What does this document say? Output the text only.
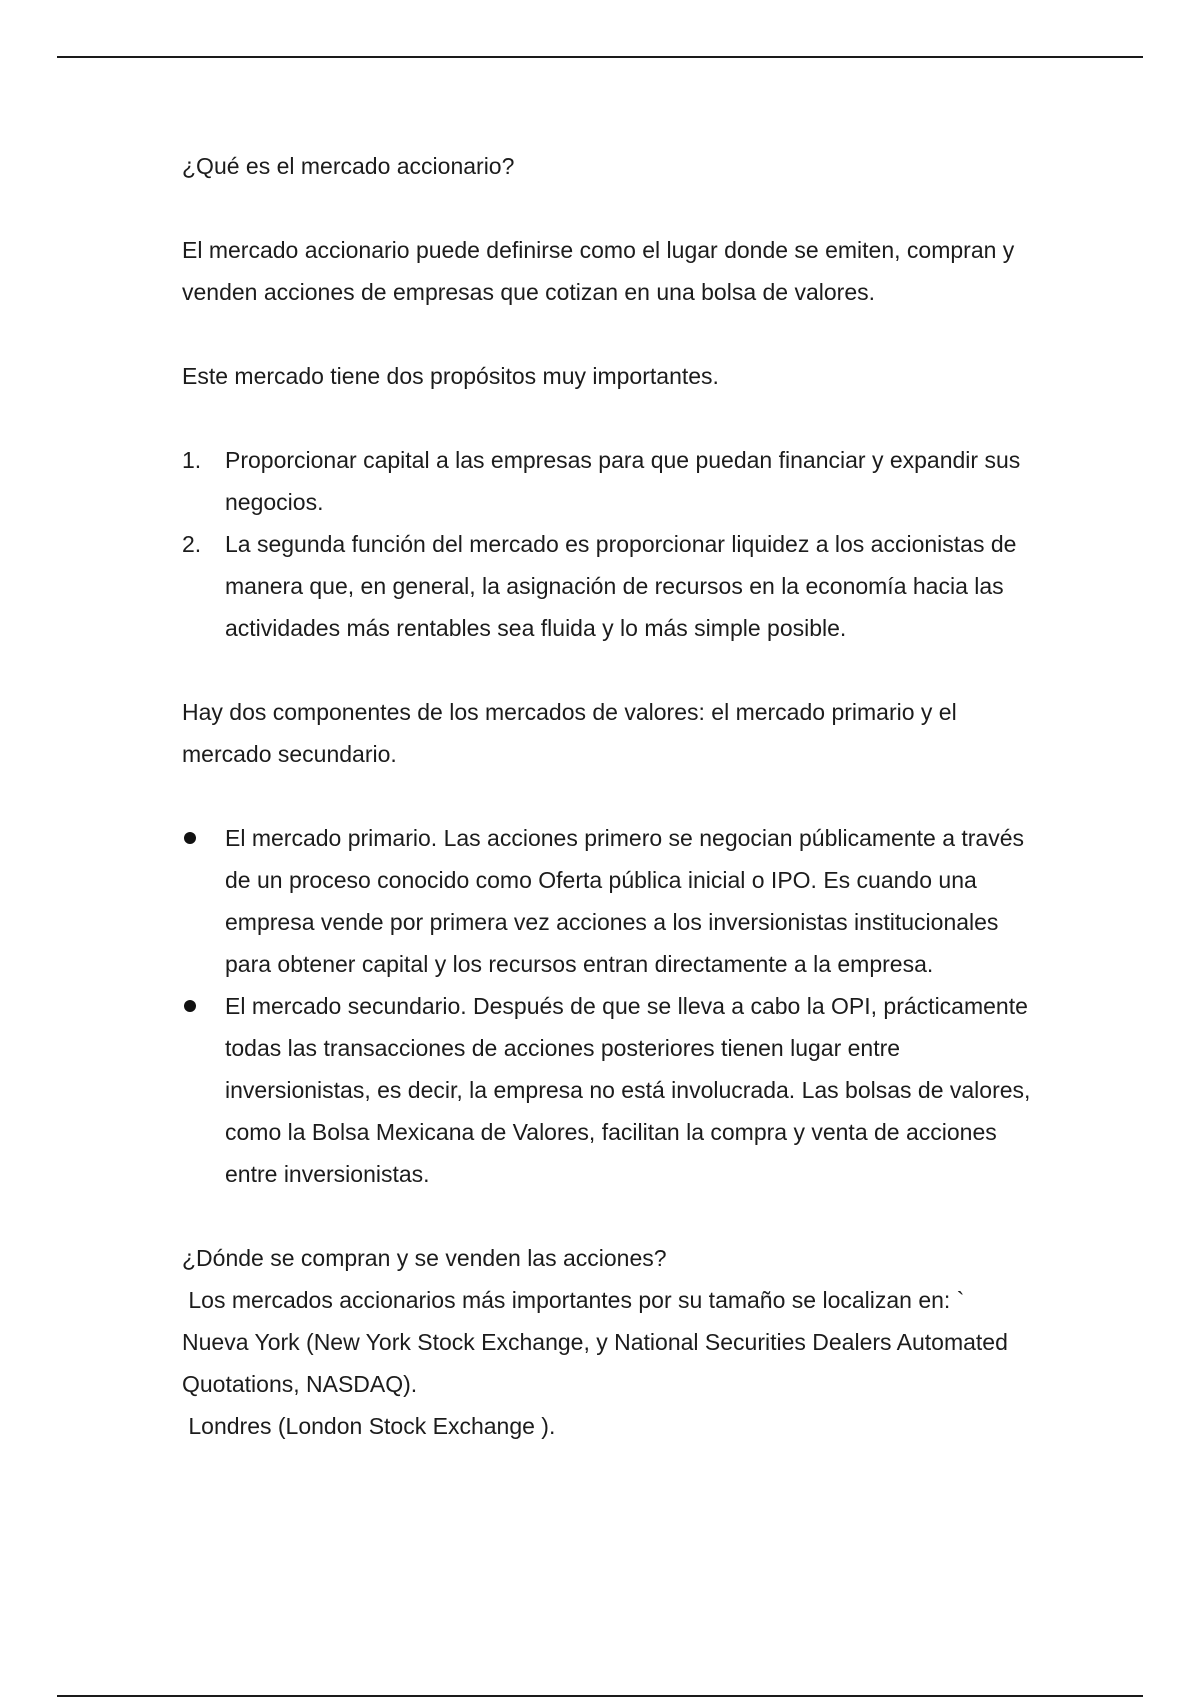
¿Qué es el mercado accionario?

El mercado accionario puede definirse como el lugar donde se emiten, compran y venden acciones de empresas que cotizan en una bolsa de valores.

Este mercado tiene dos propósitos muy importantes.

1. Proporcionar capital a las empresas para que puedan financiar y expandir sus negocios.
2. La segunda función del mercado es proporcionar liquidez a los accionistas de manera que, en general, la asignación de recursos en la economía hacia las actividades más rentables sea fluida y lo más simple posible.

Hay dos componentes de los mercados de valores: el mercado primario y el mercado secundario.

El mercado primario. Las acciones primero se negocian públicamente a través de un proceso conocido como Oferta pública inicial o IPO. Es cuando una empresa vende por primera vez acciones a los inversionistas institucionales para obtener capital y los recursos entran directamente a la empresa.
El mercado secundario. Después de que se lleva a cabo la OPI, prácticamente todas las transacciones de acciones posteriores tienen lugar entre inversionistas, es decir, la empresa no está involucrada. Las bolsas de valores, como la Bolsa Mexicana de Valores, facilitan la compra y venta de acciones entre inversionistas.

¿Dónde se compran y se venden las acciones?

Los mercados accionarios más importantes por su tamaño se localizan en: `

Nueva York (New York Stock Exchange, y National Securities Dealers Automated Quotations, NASDAQ).

Londres (London Stock Exchange ).
